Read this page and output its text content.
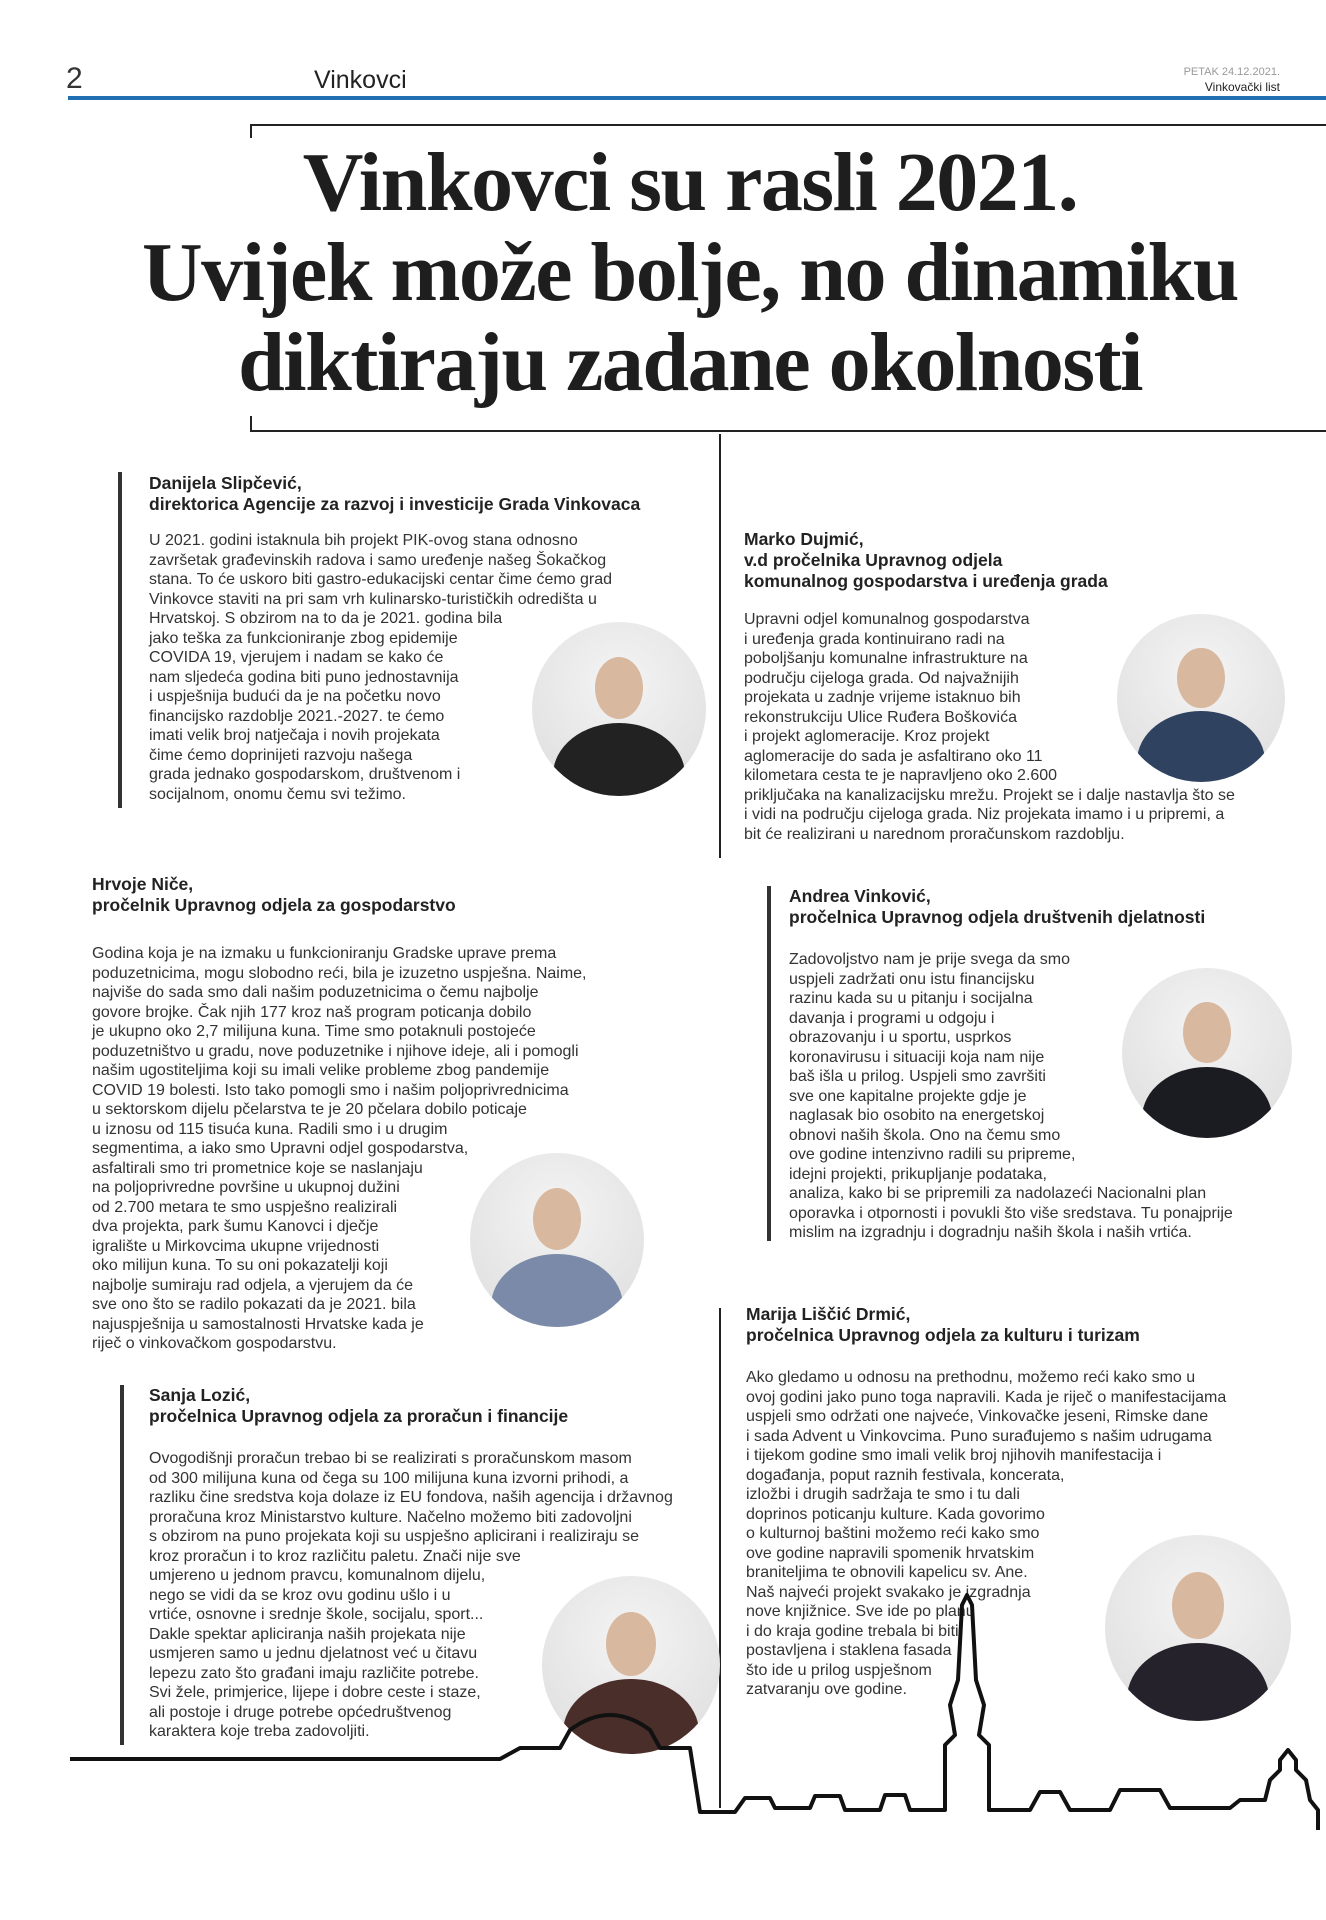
2	Vinkovci	PETAK 24.12.2021.
Vinkovački list
Vinkovci su rasli 2021.
Uvijek može bolje, no dinamiku
diktiraju zadane okolnosti
Danijela Slipčević,
direktorica Agencije za razvoj i investicije Grada Vinkovaca
U 2021. godini istaknula bih projekt PIK-ovog stana odnosno
završetak građevinskih radova i samo uređenje našeg Šokačkog
stana. To će uskoro biti gastro-edukacijski centar čime ćemo grad
Vinkovce staviti na pri sam vrh kulinarsko-turističkih odredišta u
Hrvatskoj. S obzirom na to da je 2021. godina bila
jako teška za funkcioniranje zbog epidemije
COVIDA 19, vjerujem i nadam se kako će
nam sljedeća godina biti puno jednostavnija
i uspješnija budući da je na početku novo
financijsko razdoblje 2021.-2027. te ćemo
imati velik broj natječaja i novih projekata
čime ćemo doprinijeti razvoju našega
grada jednako gospodarskom, društvenom i
socijalnom, onomu čemu svi težimo.
Marko Dujmić,
v.d pročelnika Upravnog odjela
komunalnog gospodarstva i uređenja grada
Upravni odjel komunalnog gospodarstva
i uređenja grada kontinuirano radi na
poboljšanju komunalne infrastrukture na
području cijeloga grada. Od najvažnijih
projekata u zadnje vrijeme istaknuo bih
rekonstrukciju Ulice Ruđera Boškovića
i projekt aglomeracije. Kroz projekt
aglomeracije do sada je asfaltirano oko 11
kilometara cesta te je napravljeno oko 2.600
priključaka na kanalizacijsku mrežu. Projekt se i dalje nastavlja što se
i vidi na području cijeloga grada. Niz projekata imamo i u pripremi, a
bit će realizirani u narednom proračunskom razdoblju.
Hrvoje Niče,
pročelnik Upravnog odjela za gospodarstvo
Godina koja je na izmaku u funkcioniranju Gradske uprave prema
poduzetnicima, mogu slobodno reći, bila je izuzetno uspješna. Naime,
najviše do sada smo dali našim poduzetnicima o čemu najbolje
govore brojke. Čak njih 177 kroz naš program poticanja dobilo
je ukupno oko 2,7 milijuna kuna. Time smo potaknuli postojeće
poduzetništvo u gradu, nove poduzetnike i njihove ideje, ali i pomogli
našim ugostiteljima koji su imali velike probleme zbog pandemije
COVID 19 bolesti. Isto tako pomogli smo i našim poljoprivrednicima
u sektorskom dijelu pčelarstva te je 20 pčelara dobilo poticaje
u iznosu od 115 tisuća kuna. Radili smo i u drugim
segmentima, a iako smo Upravni odjel gospodarstva,
asfaltirali smo tri prometnice koje se naslanjaju
na poljoprivredne površine u ukupnoj dužini
od 2.700 metara te smo uspješno realizirali
dva projekta, park šumu Kanovci i dječje
igralište u Mirkovcima ukupne vrijednosti
oko milijun kuna. To su oni pokazatelji koji
najbolje sumiraju rad odjela, a vjerujem da će
sve ono što se radilo pokazati da je 2021. bila
najuspješnija u samostalnosti Hrvatske kada je
riječ o vinkovačkom gospodarstvu.
Andrea Vinković,
pročelnica Upravnog odjela društvenih djelatnosti
Zadovoljstvo nam je prije svega da smo
uspjeli zadržati onu istu financijsku
razinu kada su u pitanju i socijalna
davanja i programi u odgoju i
obrazovanju i u sportu, usprkos
koronavirusu i situaciji koja nam nije
baš išla u prilog. Uspjeli smo završiti
sve one kapitalne projekte gdje je
naglasak bio osobito na energetskoj
obnovi naših škola. Ono na čemu smo
ove godine intenzivno radili su pripreme,
idejni projekti, prikupljanje podataka,
analiza, kako bi se pripremili za nadolazeći Nacionalni plan
oporavka i otpornosti i povukli što više sredstava. Tu ponajprije
mislim na izgradnju i dogradnju naših škola i naših vrtića.
Sanja Lozić,
pročelnica Upravnog odjela za proračun i financije
Ovogodišnji proračun trebao bi se realizirati s proračunskom masom
od 300 milijuna kuna od čega su 100 milijuna kuna izvorni prihodi, a
razliku čine sredstva koja dolaze iz EU fondova, naših agencija i državnog
proračuna kroz Ministarstvo kulture. Načelno možemo biti zadovoljni
s obzirom na puno projekata koji su uspješno aplicirani i realiziraju se
kroz proračun i to kroz različitu paletu. Znači nije sve
umjereno u jednom pravcu, komunalnom dijelu,
nego se vidi da se kroz ovu godinu ušlo i u
vrtiće, osnovne i srednje škole, socijalu, sport...
Dakle spektar apliciranja naših projekata nije
usmjeren samo u jednu djelatnost već u čitavu
lepezu zato što građani imaju različite potrebe.
Svi žele, primjerice, lijepe i dobre ceste i staze,
ali postoje i druge potrebe općedruštvenog
karaktera koje treba zadovoljiti.
Marija Liščić Drmić,
pročelnica Upravnog odjela za kulturu i turizam
Ako gledamo u odnosu na prethodnu, možemo reći kako smo u
ovoj godini jako puno toga napravili. Kada je riječ o manifestacijama
uspjeli smo održati one najveće, Vinkovačke jeseni, Rimske dane
i sada Advent u Vinkovcima. Puno surađujemo s našim udrugama
i tijekom godine smo imali velik broj njihovih manifestacija i
događanja, poput raznih festivala, koncerata,
izložbi i drugih sadržaja te smo i tu dali
doprinos poticanju kulture. Kada govorimo
o kulturnoj baštini možemo reći kako smo
ove godine napravili spomenik hrvatskim
braniteljima te obnovili kapelicu sv. Ane.
Naš najveći projekt svakako je izgradnja
nove knjižnice. Sve ide po planu
i do kraja godine trebala bi biti
postavljena i staklena fasada
što ide u prilog uspješnom
zatvaranju ove godine.
